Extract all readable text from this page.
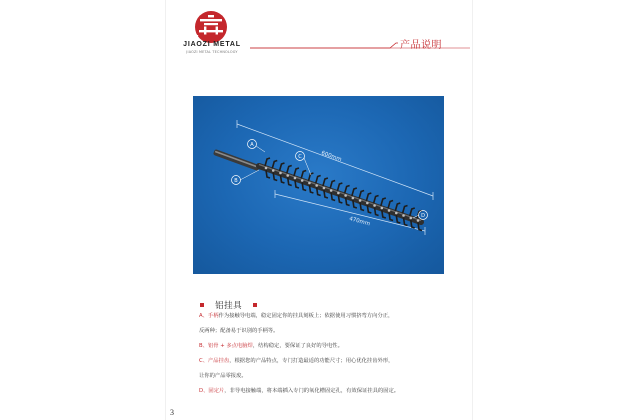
JIAOZI METAL
JIAOZI METAL TECHNOLOGY
产品说明
600mm
470mm
A
B
C
D
铝挂具
A、手柄作为接触导电端，稳定固定你的挂具刻板上；依据使用习惯挤弯方向分正，
反两种；配备易于识别的手柄等。
B、铝骨 + 多点电脑焊，结构稳定，要保证了良好的导电性。
C、产品挂齿，根据您的产品特点，专门打造最适的功能尺寸；用心优化挂齿外形，
让你的产品零报废。
D、固定片，非导电接触端，将本端插入专门的氧化槽固定孔，有效保证挂具的固定。
3
